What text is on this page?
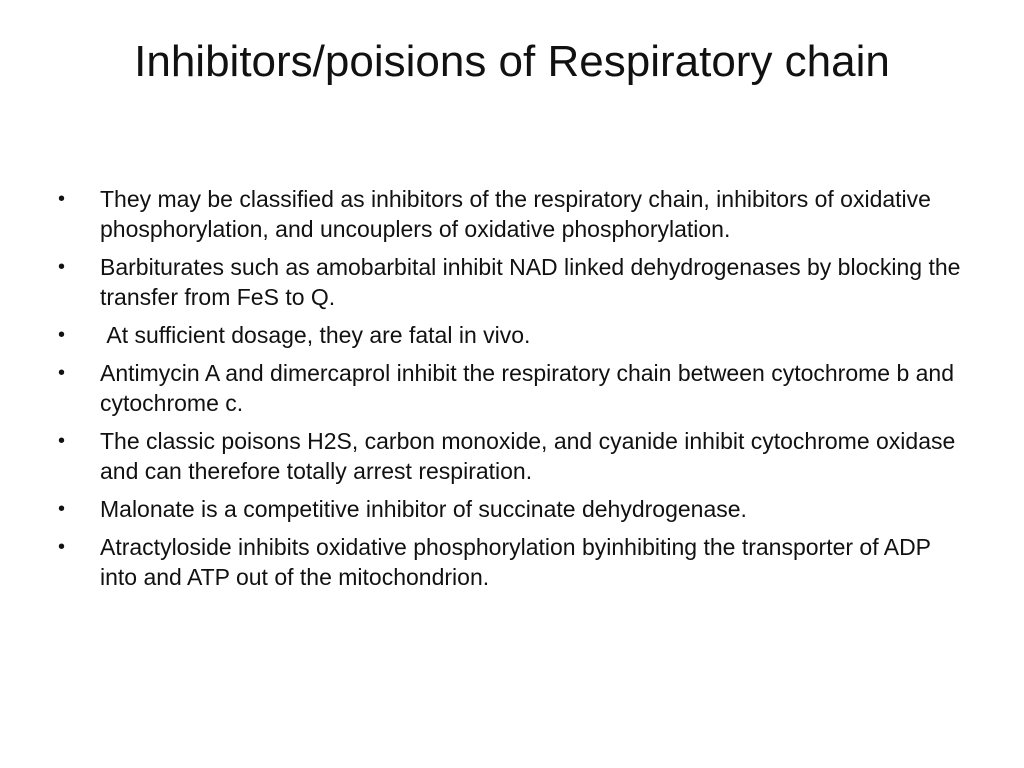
Inhibitors/poisions of Respiratory chain
•	They may be classified as inhibitors of the respiratory chain, inhibitors of oxidative phosphorylation, and uncouplers of oxidative phosphorylation.
•	Barbiturates such as amobarbital inhibit NAD linked dehydrogenases by blocking the transfer from FeS to Q.
•	At sufficient dosage, they are fatal in vivo.
•	Antimycin A and dimercaprol inhibit the respiratory chain between cytochrome b and cytochrome c.
•	The classic poisons H2S, carbon monoxide, and cyanide inhibit cytochrome oxidase and can therefore totally arrest respiration.
•	Malonate is a competitive inhibitor of succinate dehydrogenase.
•	Atractyloside inhibits oxidative phosphorylation byinhibiting the transporter of ADP into and ATP out of the mitochondrion.
